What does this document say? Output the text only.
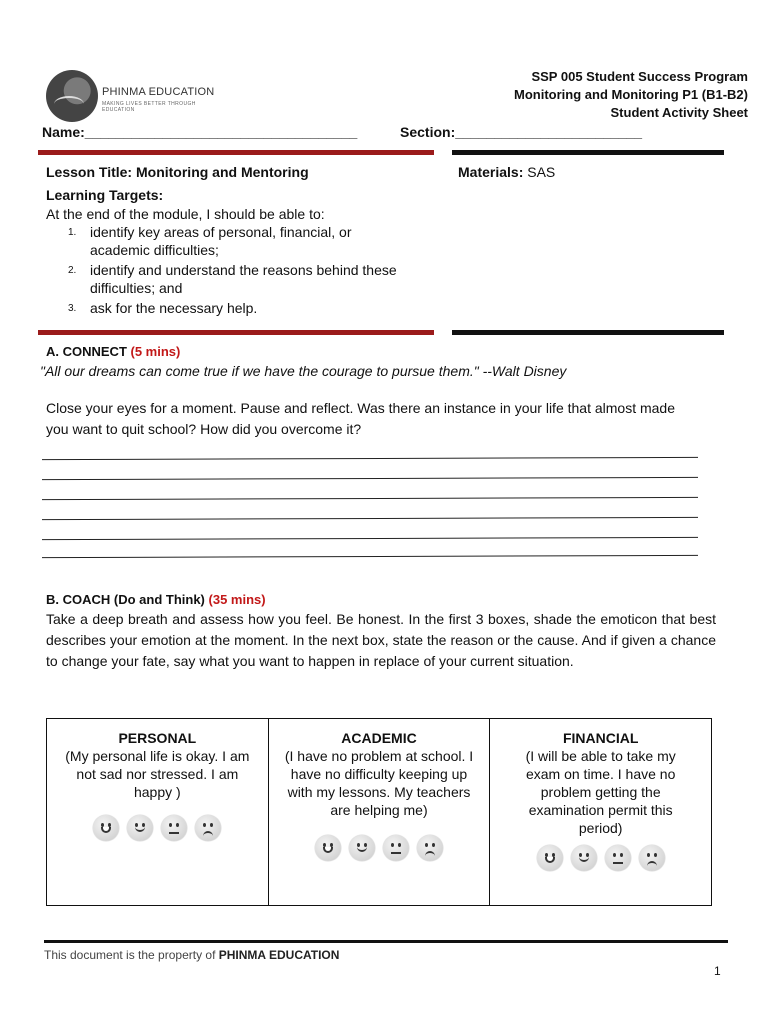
PHINMA EDUCATION
MAKING LIVES BETTER THROUGH EDUCATION
SSP 005 Student Success Program
Monitoring and Monitoring P1 (B1-B2)
Student Activity Sheet
Name:___________________________________	Section:________________________
Lesson Title: Monitoring and Mentoring	Materials: SAS
Learning Targets:
At the end of the module, I should be able to:
1. identify key areas of personal, financial, or academic difficulties;
2. identify and understand the reasons behind these difficulties; and
3. ask for the necessary help.
A. CONNECT (5 mins)
"All our dreams can come true if we have the courage to pursue them." --Walt Disney
Close your eyes for a moment. Pause and reflect. Was there an instance in your life that almost made you want to quit school? How did you overcome it?
B. COACH (Do and Think) (35 mins)
Take a deep breath and assess how you feel. Be honest. In the first 3 boxes, shade the emoticon that best describes your emotion at the moment. In the next box, state the reason or the cause. And if given a chance to change your fate, say what you want to happen in replace of your current situation.
PERSONAL
(My personal life is okay. I am not sad nor stressed. I am happy )
ACADEMIC
(I have no problem at school. I have no difficulty keeping up with my lessons. My teachers are helping me)
FINANCIAL
(I will be able to take my exam on time. I have no problem getting the examination permit this period)
This document is the property of PHINMA EDUCATION
1
